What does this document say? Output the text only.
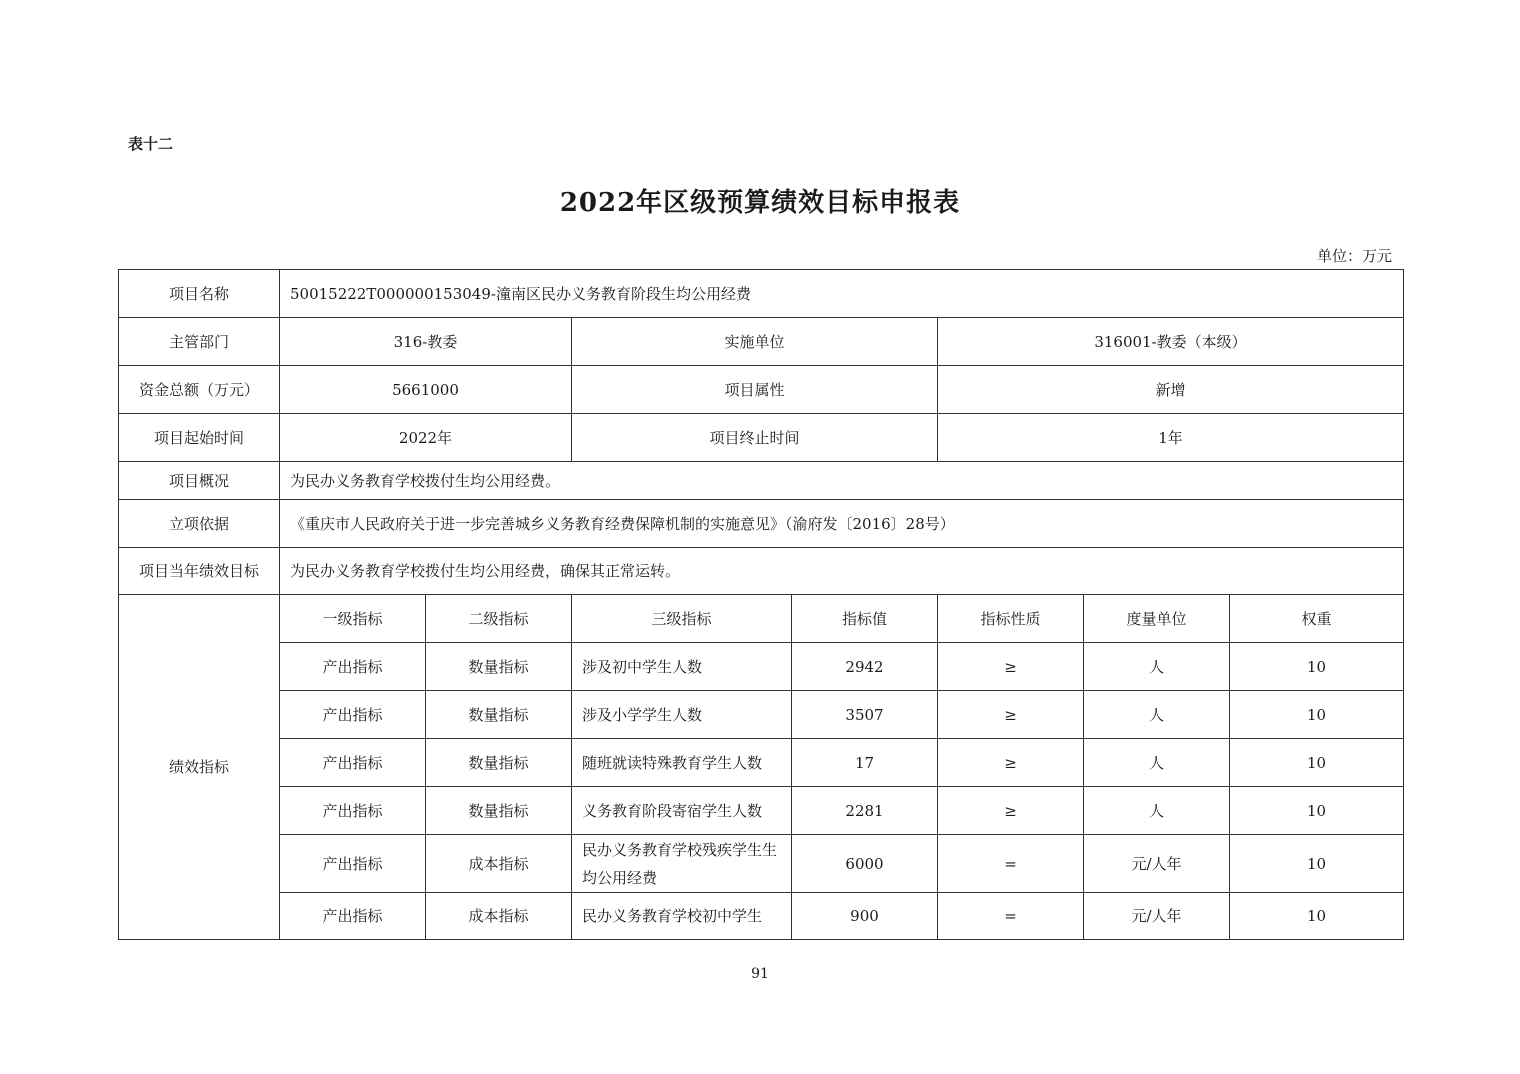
表十二
2022年区级预算绩效目标申报表
单位：万元
项目名称	50015222T000000153049-潼南区民办义务教育阶段生均公用经费						
主管部门	316-教委		实施单位		316001-教委（本级）		
资金总额（万元）	5661000		项目属性		新增		
项目起始时间	2022年		项目终止时间		1年		
项目概况	为民办义务教育学校拨付生均公用经费。						
立项依据	《重庆市人民政府关于进一步完善城乡义务教育经费保障机制的实施意见》（渝府发〔2016〕28号）						
项目当年绩效目标	为民办义务教育学校拨付生均公用经费，确保其正常运转。						
绩效指标	一级指标	二级指标	三级指标	指标值	指标性质	度量单位	权重
	产出指标	数量指标	涉及初中学生人数	2942	≥	人	10
	产出指标	数量指标	涉及小学学生人数	3507	≥	人	10
	产出指标	数量指标	随班就读特殊教育学生人数	17	≥	人	10
	产出指标	数量指标	义务教育阶段寄宿学生人数	2281	≥	人	10
	产出指标	成本指标	民办义务教育学校残疾学生生均公用经费	6000	=	元/人年	10
	产出指标	成本指标	民办义务教育学校初中学生	900	=	元/人年	10
91
